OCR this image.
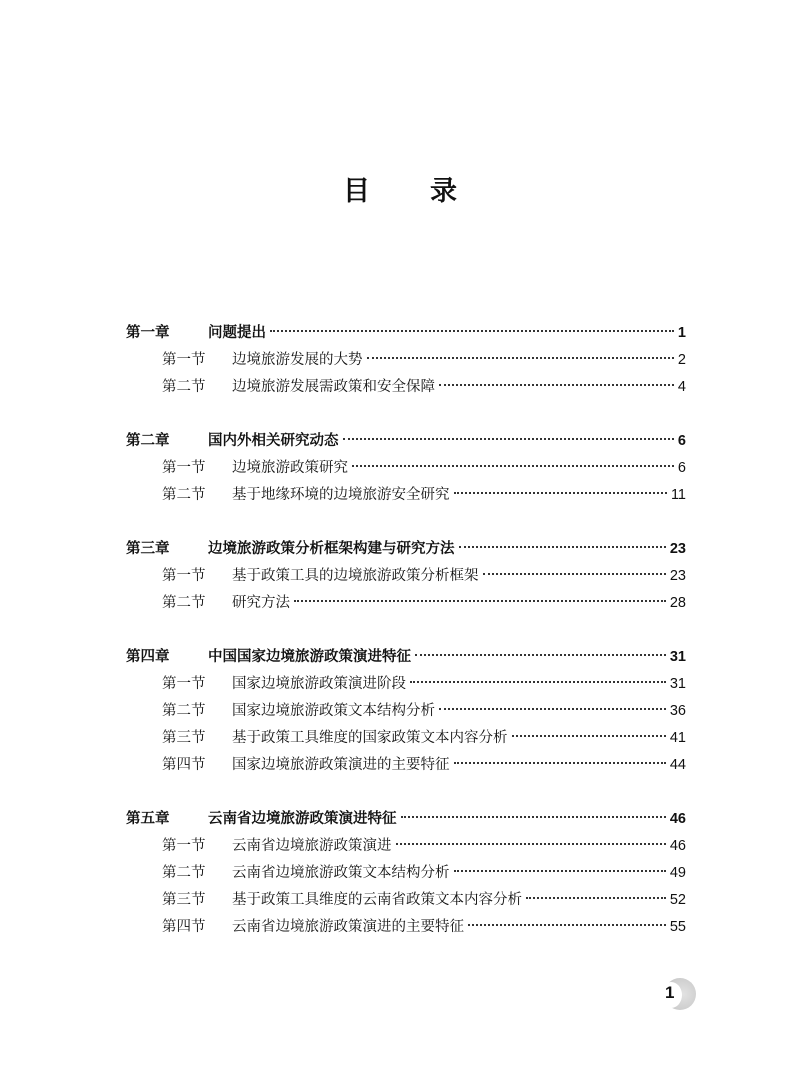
目录
第一章	问题提出	1
第一节 边境旅游发展的大势	2
第二节 边境旅游发展需政策和安全保障	4
第二章	国内外相关研究动态	6
第一节 边境旅游政策研究	6
第二节 基于地缘环境的边境旅游安全研究	11
第三章	边境旅游政策分析框架构建与研究方法	23
第一节 基于政策工具的边境旅游政策分析框架	23
第二节 研究方法	28
第四章	中国国家边境旅游政策演进特征	31
第一节 国家边境旅游政策演进阶段	31
第二节 国家边境旅游政策文本结构分析	36
第三节 基于政策工具维度的国家政策文本内容分析	41
第四节 国家边境旅游政策演进的主要特征	44
第五章	云南省边境旅游政策演进特征	46
第一节 云南省边境旅游政策演进	46
第二节 云南省边境旅游政策文本结构分析	49
第三节 基于政策工具维度的云南省政策文本内容分析	52
第四节 云南省边境旅游政策演进的主要特征	55
1
